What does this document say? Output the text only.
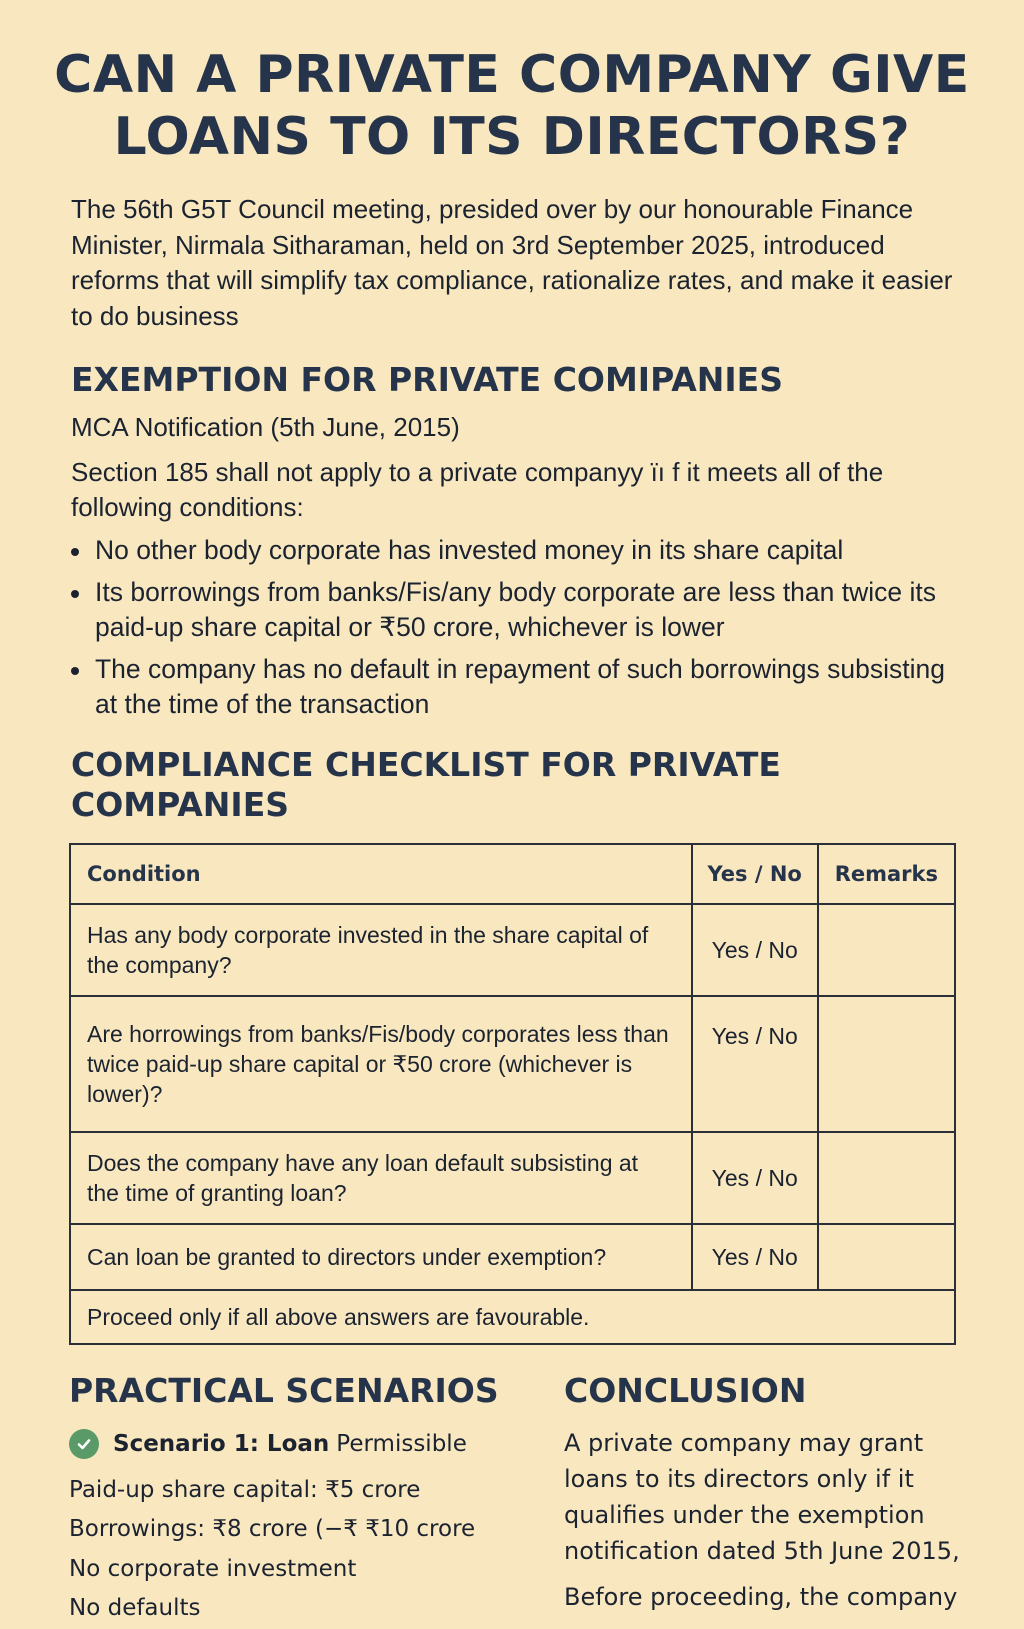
CAN A PRIVATE COMPANY GIVE
LOANS TO ITS DIRECTORS?
The 56th G5T Council meeting, presided over by our honourable Finance Minister, Nirmala Sitharaman, held on 3rd September 2025, introduced reforms that will simplify tax compliance, rationalize rates, and make it easier to do business
EXEMPTION FOR PRIVATE COMIPANIES
MCA Notification (5th June, 2015)
Section 185 shall not apply to a private companyy ïı f it meets all of the following conditions:
No other body corporate has invested money in its share capital
Its borrowings from banks/Fis/any body corporate are less than twice its paid-up share capital or ₹50 crore, whichever is lower
The company has no default in repayment of such borrowings subsisting at the time of the transaction
COMPLIANCE CHECKLIST FOR PRIVATE COMPANIES
Condition	Yes / No	Remarks
Has any body corporate invested in the share capital of the company?	Yes / No	
Are horrowings from banks/Fis/body corporates less than twice paid-up share capital or ₹50 crore (whichever is lower)?	Yes / No	
Does the company have any loan default subsisting at the time of granting loan?	Yes / No	
Can loan be granted to directors under exemption?	Yes / No	
Proceed only if all above answers are favourable.		
PRACTICAL SCENARIOS
Scenario 1: Loan Permissible
Paid-up share capital: ₹5 crore
Borrowings: ₹8 crore (−₹ ₹10 crore
No corporate investment
No defaults
CONCLUSION

A private company may grant loans to its directors only if it qualifies under the exemption notification dated 5th June 2015,

Before proceeding, the company
